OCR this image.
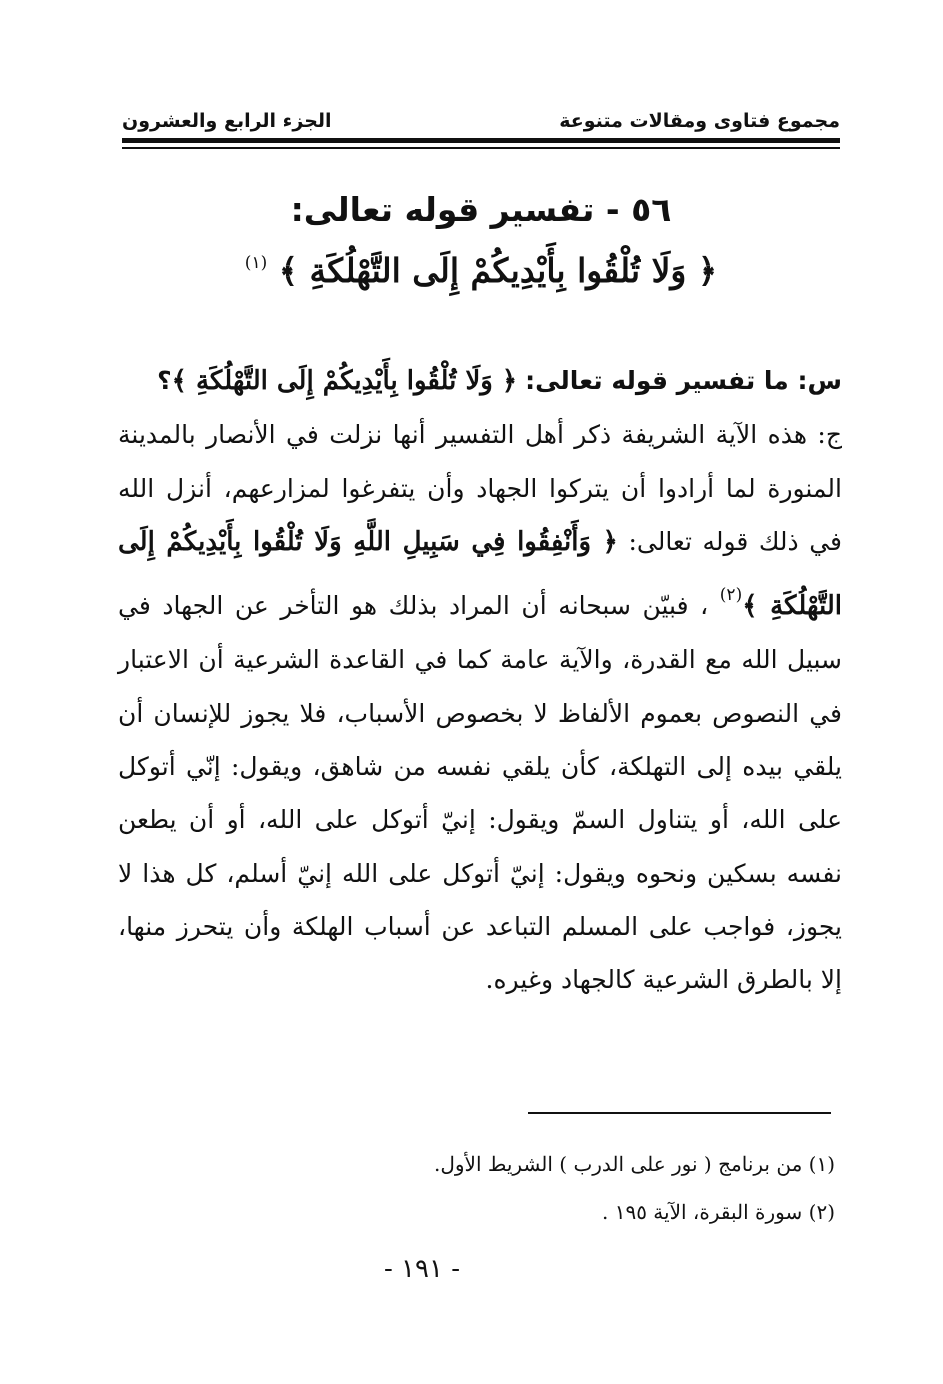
الجزء الرابع والعشرون	مجموع فتاوى ومقالات متنوعة
٥٦ - تفسير قوله تعالى:
﴿ وَلَا تُلْقُوا بِأَيْدِيكُمْ إِلَى التَّهْلُكَةِ ﴾ $^{(١)}$

س: ما تفسير قوله تعالى: ﴿ وَلَا تُلْقُوا بِأَيْدِيكُمْ إِلَى التَّهْلُكَةِ ﴾؟

ج: هذه الآية الشريفة ذكر أهل التفسير أنها نزلت في الأنصار بالمدينة المنورة لما أرادوا أن يتركوا الجهاد وأن يتفرغوا لمزارعهم، أنزل الله في ذلك قوله تعالى: ﴿ وَأَنْفِقُوا فِي سَبِيلِ اللَّهِ وَلَا تُلْقُوا بِأَيْدِيكُمْ إِلَى التَّهْلُكَةِ ﴾$^{(٢)}$ ، فبيّن سبحانه أن المراد بذلك هو التأخر عن الجهاد في سبيل الله مع القدرة، والآية عامة كما في القاعدة الشرعية أن الاعتبار في النصوص بعموم الألفاظ لا بخصوص الأسباب، فلا يجوز للإنسان أن يلقي بيده إلى التهلكة، كأن يلقي نفسه من شاهق، ويقول: إنّي أتوكل على الله، أو يتناول السمّ ويقول: إنيّ أتوكل على الله، أو أن يطعن نفسه بسكين ونحوه ويقول: إنيّ أتوكل على الله إنيّ أسلم، كل هذا لا يجوز، فواجب على المسلم التباعد عن أسباب الهلكة وأن يتحرز منها، إلا بالطرق الشرعية كالجهاد وغيره.

(١) من برنامج ( نور على الدرب ) الشريط الأول.
(٢) سورة البقرة، الآية ١٩٥ .
- ١٩١ -
